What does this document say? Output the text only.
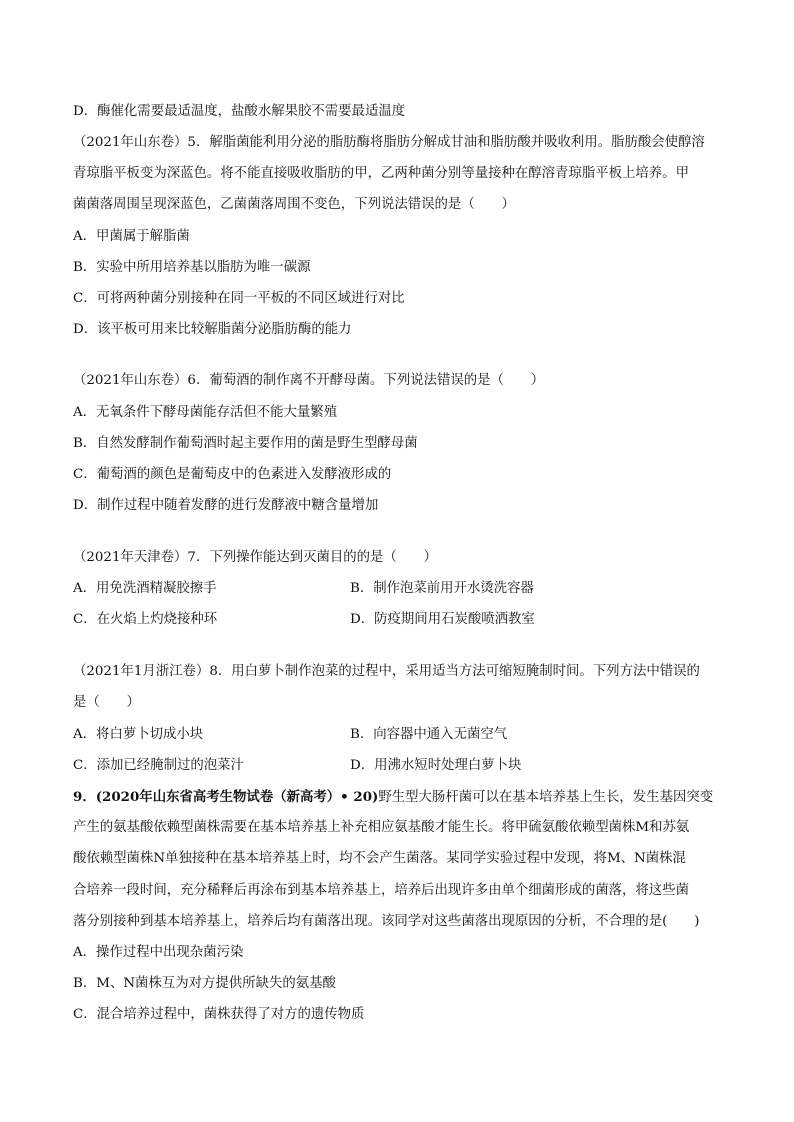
D．酶催化需要最适温度，盐酸水解果胶不需要最适温度
（2021年山东卷）5．解脂菌能利用分泌的脂肪酶将脂肪分解成甘油和脂肪酸并吸收利用。脂肪酸会使醇溶
青琼脂平板变为深蓝色。将不能直接吸收脂肪的甲，乙两种菌分别等量接种在醇溶青琼脂平板上培养。甲
菌菌落周围呈现深蓝色，乙菌菌落周围不变色，下列说法错误的是（　　）
A．甲菌属于解脂菌
B．实验中所用培养基以脂肪为唯一碳源
C．可将两种菌分别接种在同一平板的不同区域进行对比
D．该平板可用来比较解脂菌分泌脂肪酶的能力
（2021年山东卷）6．葡萄酒的制作离不开酵母菌。下列说法错误的是（　　）
A．无氧条件下酵母菌能存活但不能大量繁殖
B．自然发酵制作葡萄酒时起主要作用的菌是野生型酵母菌
C．葡萄酒的颜色是葡萄皮中的色素进入发酵液形成的
D．制作过程中随着发酵的进行发酵液中糖含量增加
（2021年天津卷）7．下列操作能达到灭菌目的的是（　　）
A．用免洗酒精凝胶擦手	B．制作泡菜前用开水烫洗容器
C．在火焰上灼烧接种环	D．防疫期间用石炭酸喷洒教室
（2021年1月浙江卷）8．用白萝卜制作泡菜的过程中，采用适当方法可缩短腌制时间。下列方法中错误的
是（　　）
A．将白萝卜切成小块	B．向容器中通入无菌空气
C．添加已经腌制过的泡菜汁	D．用沸水短时处理白萝卜块
9．(2020年山东省高考生物试卷（新高考）• 20)野生型大肠杆菌可以在基本培养基上生长，发生基因突变
产生的氨基酸依赖型菌株需要在基本培养基上补充相应氨基酸才能生长。将甲硫氨酸依赖型菌株M和苏氨
酸依赖型菌株N单独接种在基本培养基上时，均不会产生菌落。某同学实验过程中发现，将M、N菌株混
合培养一段时间，充分稀释后再涂布到基本培养基上，培养后出现许多由单个细菌形成的菌落，将这些菌
落分别接种到基本培养基上，培养后均有菌落出现。该同学对这些菌落出现原因的分析，不合理的是(　　)
A．操作过程中出现杂菌污染
B．M、N菌株互为对方提供所缺失的氨基酸
C．混合培养过程中，菌株获得了对方的遗传物质
